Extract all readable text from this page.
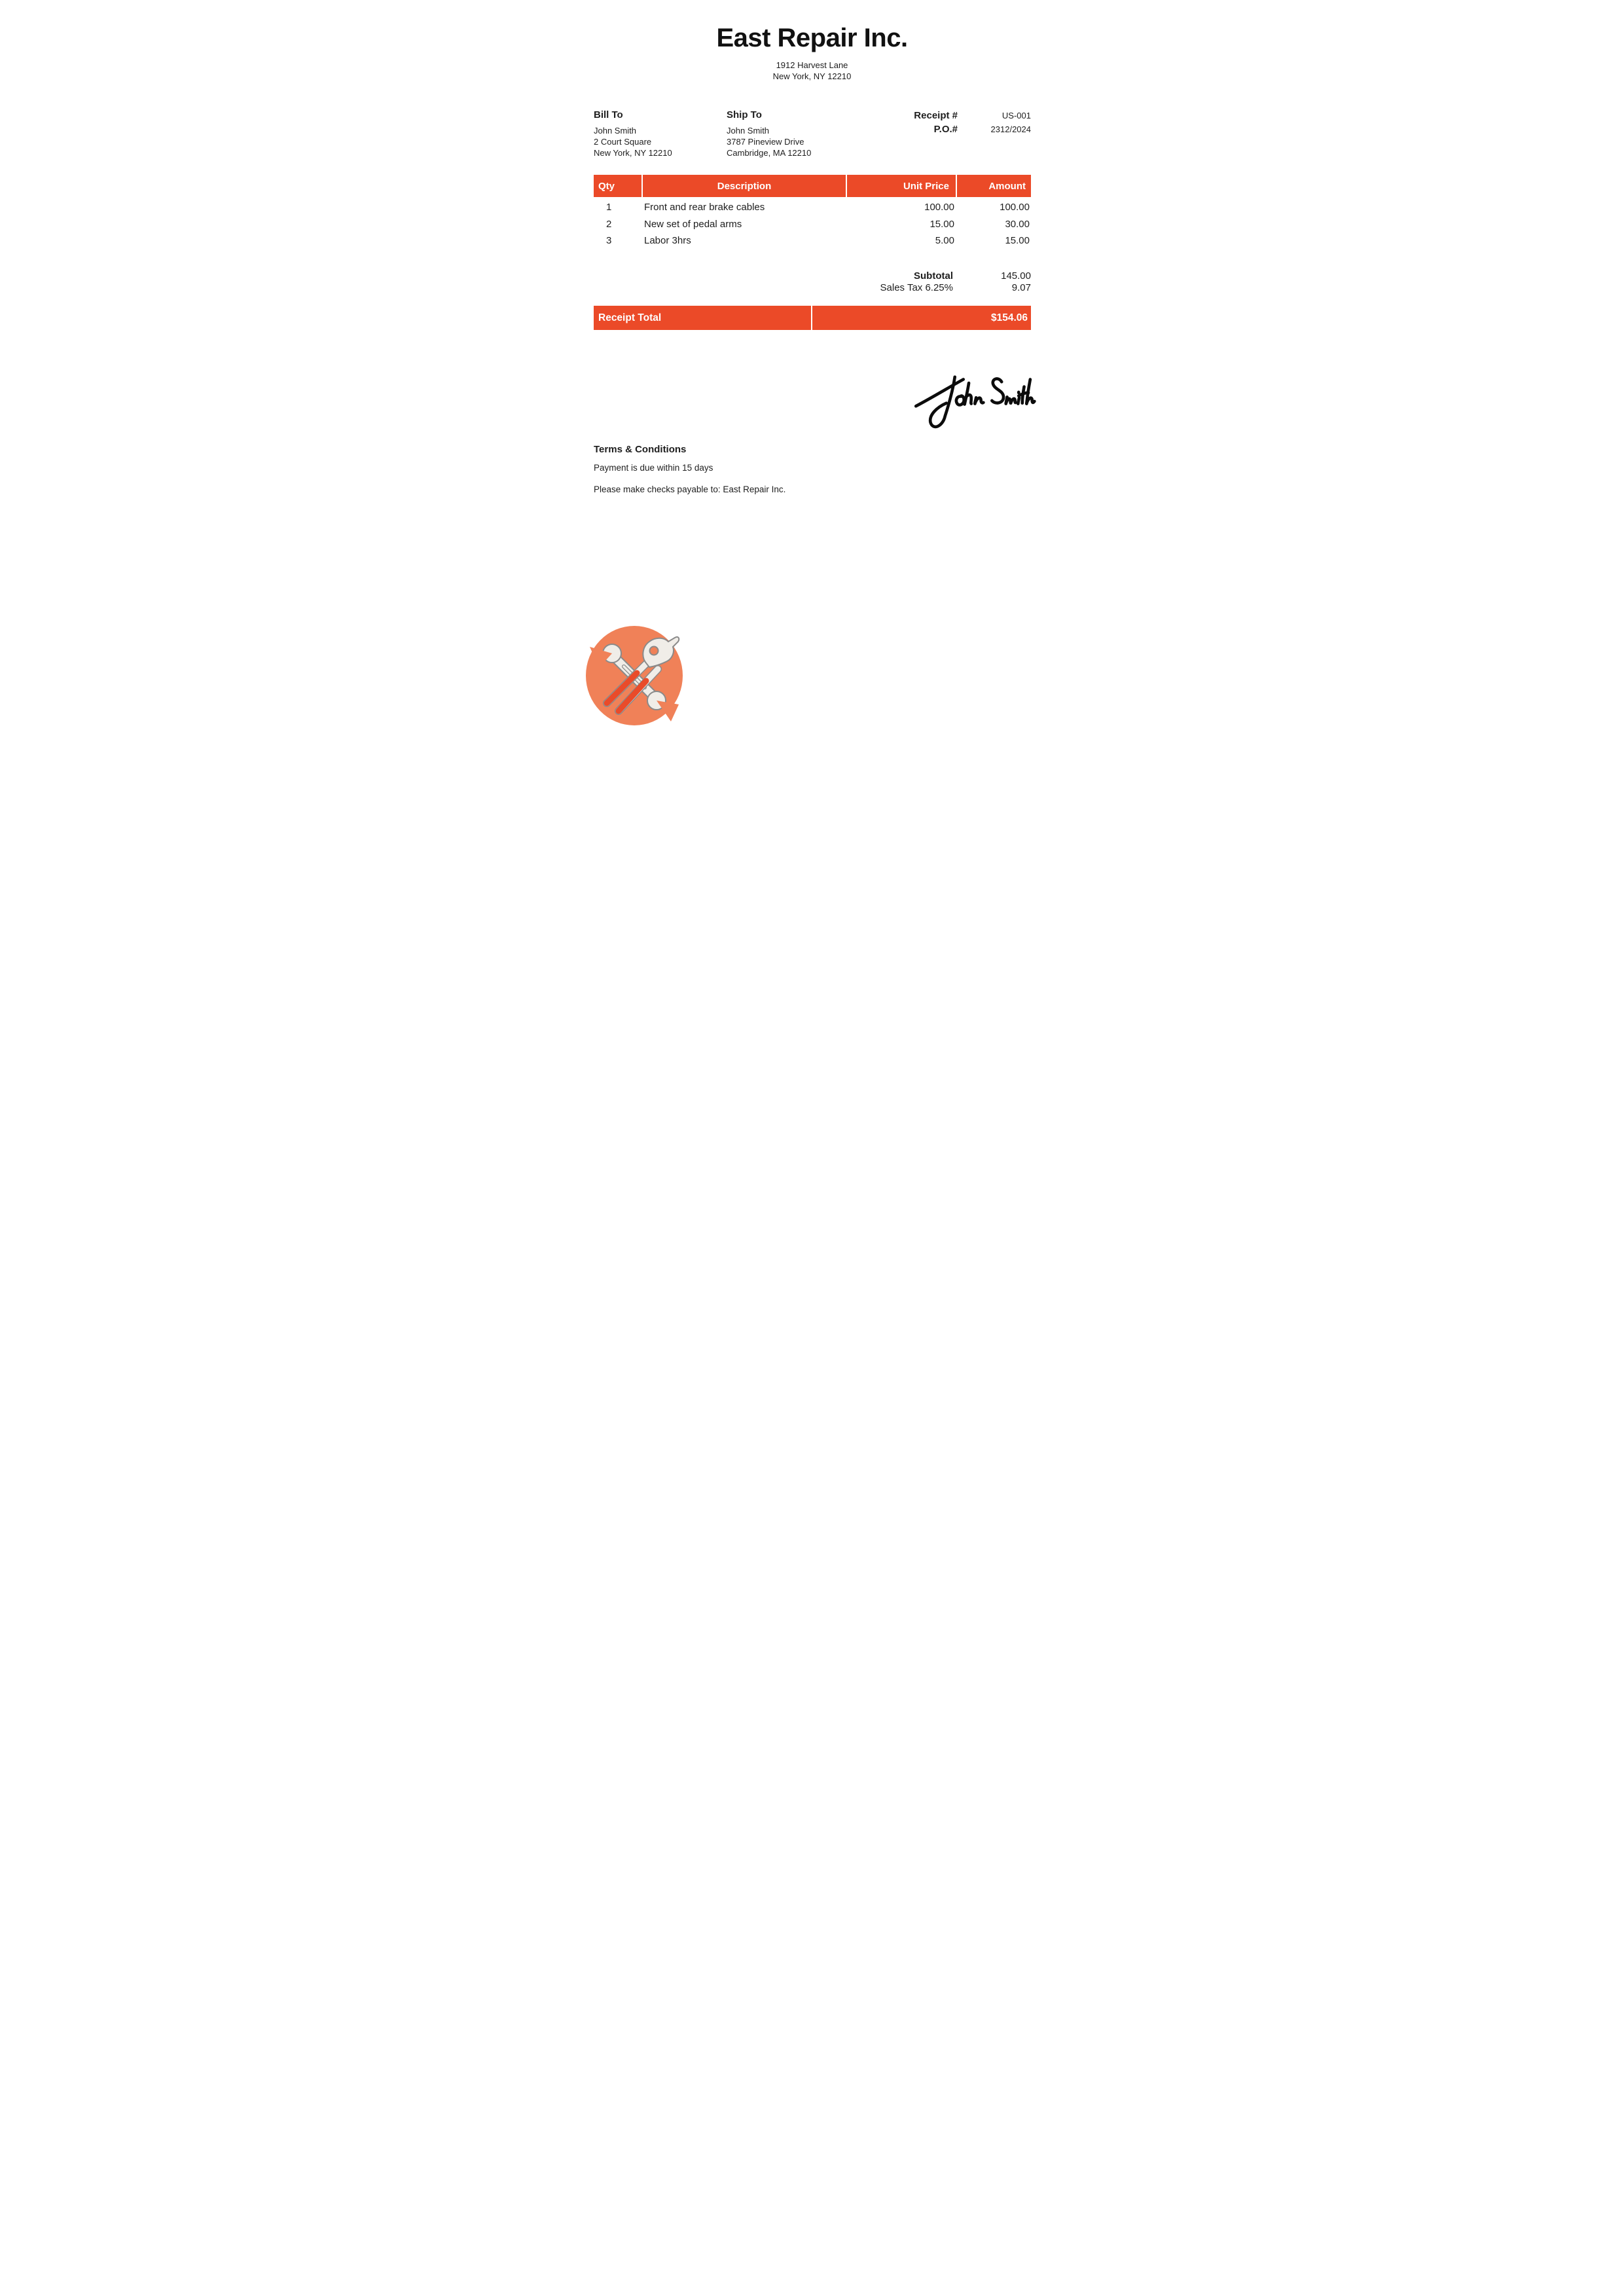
East Repair Inc.
1912 Harvest Lane
New York, NY 12210
Bill To
John Smith
2 Court Square
New York, NY 12210
Ship To
John Smith
3787 Pineview Drive
Cambridge, MA 12210
Receipt #	US-001
P.O.#	2312/2024
Qty	Description	Unit Price	Amount
1	Front and rear brake cables	100.00	100.00
2	New set of pedal arms	15.00	30.00
3	Labor 3hrs	5.00	15.00
Subtotal	145.00
Sales Tax 6.25%	9.07
Receipt Total	$154.06
Terms & Conditions
Payment is due within 15 days
Please make checks payable to: East Repair Inc.
